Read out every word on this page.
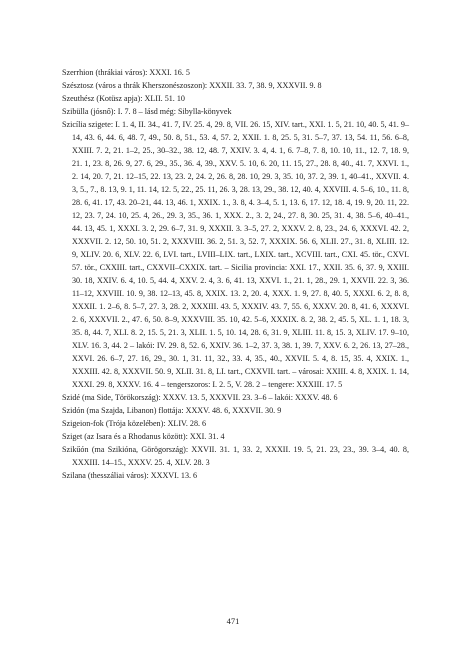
Szerrhion (thrákiai város): XXXI. 16. 5

Szésztosz (város a thrák Kherszonészoszon): XXXII. 33. 7, 38. 9, XXXVII. 9. 8

Szeuthész (Kotüsz apja): XLII. 51. 10

Szibülla (jósnő): I. 7. 8 – lásd még: Sibylla-könyvek

Szicília szigete: I. 1. 4, II. 34., 41. 7, IV. 25. 4, 29. 8, VII. 26. 15, XIV. tart., XXI. 1. 5, 21. 10, 40. 5, 41. 9–14, 43. 6, 44. 6, 48. 7, 49., 50. 8, 51., 53. 4, 57. 2, XXII. 1. 8, 25. 5, 31. 5–7, 37. 13, 54. 11, 56. 6–8, XXIII. 7. 2, 21. 1–2, 25., 30–32., 38. 12, 48. 7, XXIV. 3. 4, 4. 1, 6. 7–8, 7. 8, 10. 10, 11., 12. 7, 18. 9, 21. 1, 23. 8, 26. 9, 27. 6, 29., 35., 36. 4, 39., XXV. 5. 10, 6. 20, 11. 15, 27., 28. 8, 40., 41. 7, XXVI. 1., 2. 14, 20. 7, 21. 12–15, 22. 13, 23. 2, 24. 2, 26. 8, 28. 10, 29. 3, 35. 10, 37. 2, 39. 1, 40–41., XXVII. 4. 3, 5., 7., 8. 13, 9. 1, 11. 14, 12. 5, 22., 25. 11, 26. 3, 28. 13, 29., 38. 12, 40. 4, XXVIII. 4. 5–6, 10., 11. 8, 28. 6, 41. 17, 43. 20–21, 44. 13, 46. 1, XXIX. 1., 3. 8, 4. 3–4, 5. 1, 13. 6, 17. 12, 18. 4, 19. 9, 20. 11, 22. 12, 23. 7, 24. 10, 25. 4, 26., 29. 3, 35., 36. 1, XXX. 2., 3. 2, 24., 27. 8, 30. 25, 31. 4, 38. 5–6, 40–41., 44. 13, 45. 1, XXXI. 3. 2, 29. 6–7, 31. 9, XXXII. 3. 3–5, 27. 2, XXXV. 2. 8, 23., 24. 6, XXXVI. 42. 2, XXXVII. 2. 12, 50. 10, 51. 2, XXXVIII. 36. 2, 51. 3, 52. 7, XXXIX. 56. 6, XLII. 27., 31. 8, XLIII. 12. 9, XLIV. 20. 6, XLV. 22. 6, LVI. tart., LVIII–LIX. tart., LXIX. tart., XCVIII. tart., CXI. 45. tör., CXVI. 57. tör., CXXIII. tart., CXXVII–CXXIX. tart. – Sicilia provincia: XXI. 17., XXII. 35. 6, 37. 9, XXIII. 30. 18, XXIV. 6. 4, 10. 5, 44. 4, XXV. 2. 4, 3. 6, 41. 13, XXVI. 1., 21. 1, 28., 29. 1, XXVII. 22. 3, 36. 11–12, XXVIII. 10. 9, 38. 12–13, 45. 8, XXIX. 13. 2, 20. 4, XXX. 1. 9, 27. 8, 40. 5, XXXI. 6. 2, 8. 8, XXXII. 1. 2–6, 8. 5–7, 27. 3, 28. 2, XXXIII. 43. 5, XXXIV. 43. 7, 55. 6, XXXV. 20. 8, 41. 6, XXXVI. 2. 6, XXXVII. 2., 47. 6, 50. 8–9, XXXVIII. 35. 10, 42. 5–6, XXXIX. 8. 2, 38. 2, 45. 5, XL. 1. 1, 18. 3, 35. 8, 44. 7, XLI. 8. 2, 15. 5, 21. 3, XLII. 1. 5, 10. 14, 28. 6, 31. 9, XLIII. 11. 8, 15. 3, XLIV. 17. 9–10, XLV. 16. 3, 44. 2 – lakói: IV. 29. 8, 52. 6, XXIV. 36. 1–2, 37. 3, 38. 1, 39. 7, XXV. 6. 2, 26. 13, 27–28., XXVI. 26. 6–7, 27. 16, 29., 30. 1, 31. 11, 32., 33. 4, 35., 40., XXVII. 5. 4, 8. 15, 35. 4, XXIX. 1., XXXIII. 42. 8, XXXVII. 50. 9, XLII. 31. 8, LI. tart., CXXVII. tart. – városai: XXIII. 4. 8, XXIX. 1. 14, XXXI. 29. 8, XXXV. 16. 4 – tengerszoros: I. 2. 5, V. 28. 2 – tengere: XXXIII. 17. 5

Szidé (ma Side, Törökország): XXXV. 13. 5, XXXVII. 23. 3–6 – lakói: XXXV. 48. 6

Szidón (ma Szajda, Libanon) flottája: XXXV. 48. 6, XXXVII. 30. 9

Szigeion-fok (Trója közelében): XLIV. 28. 6

Sziget (az Isara és a Rhodanus között): XXI. 31. 4

Szikűón (ma Szikióna, Görögország): XXVII. 31. 1, 33. 2, XXXII. 19. 5, 21. 23, 23., 39. 3–4, 40. 8, XXXIII. 14–15., XXXV. 25. 4, XLV. 28. 3

Szilana (thesszáliai város): XXXVI. 13. 6

471
